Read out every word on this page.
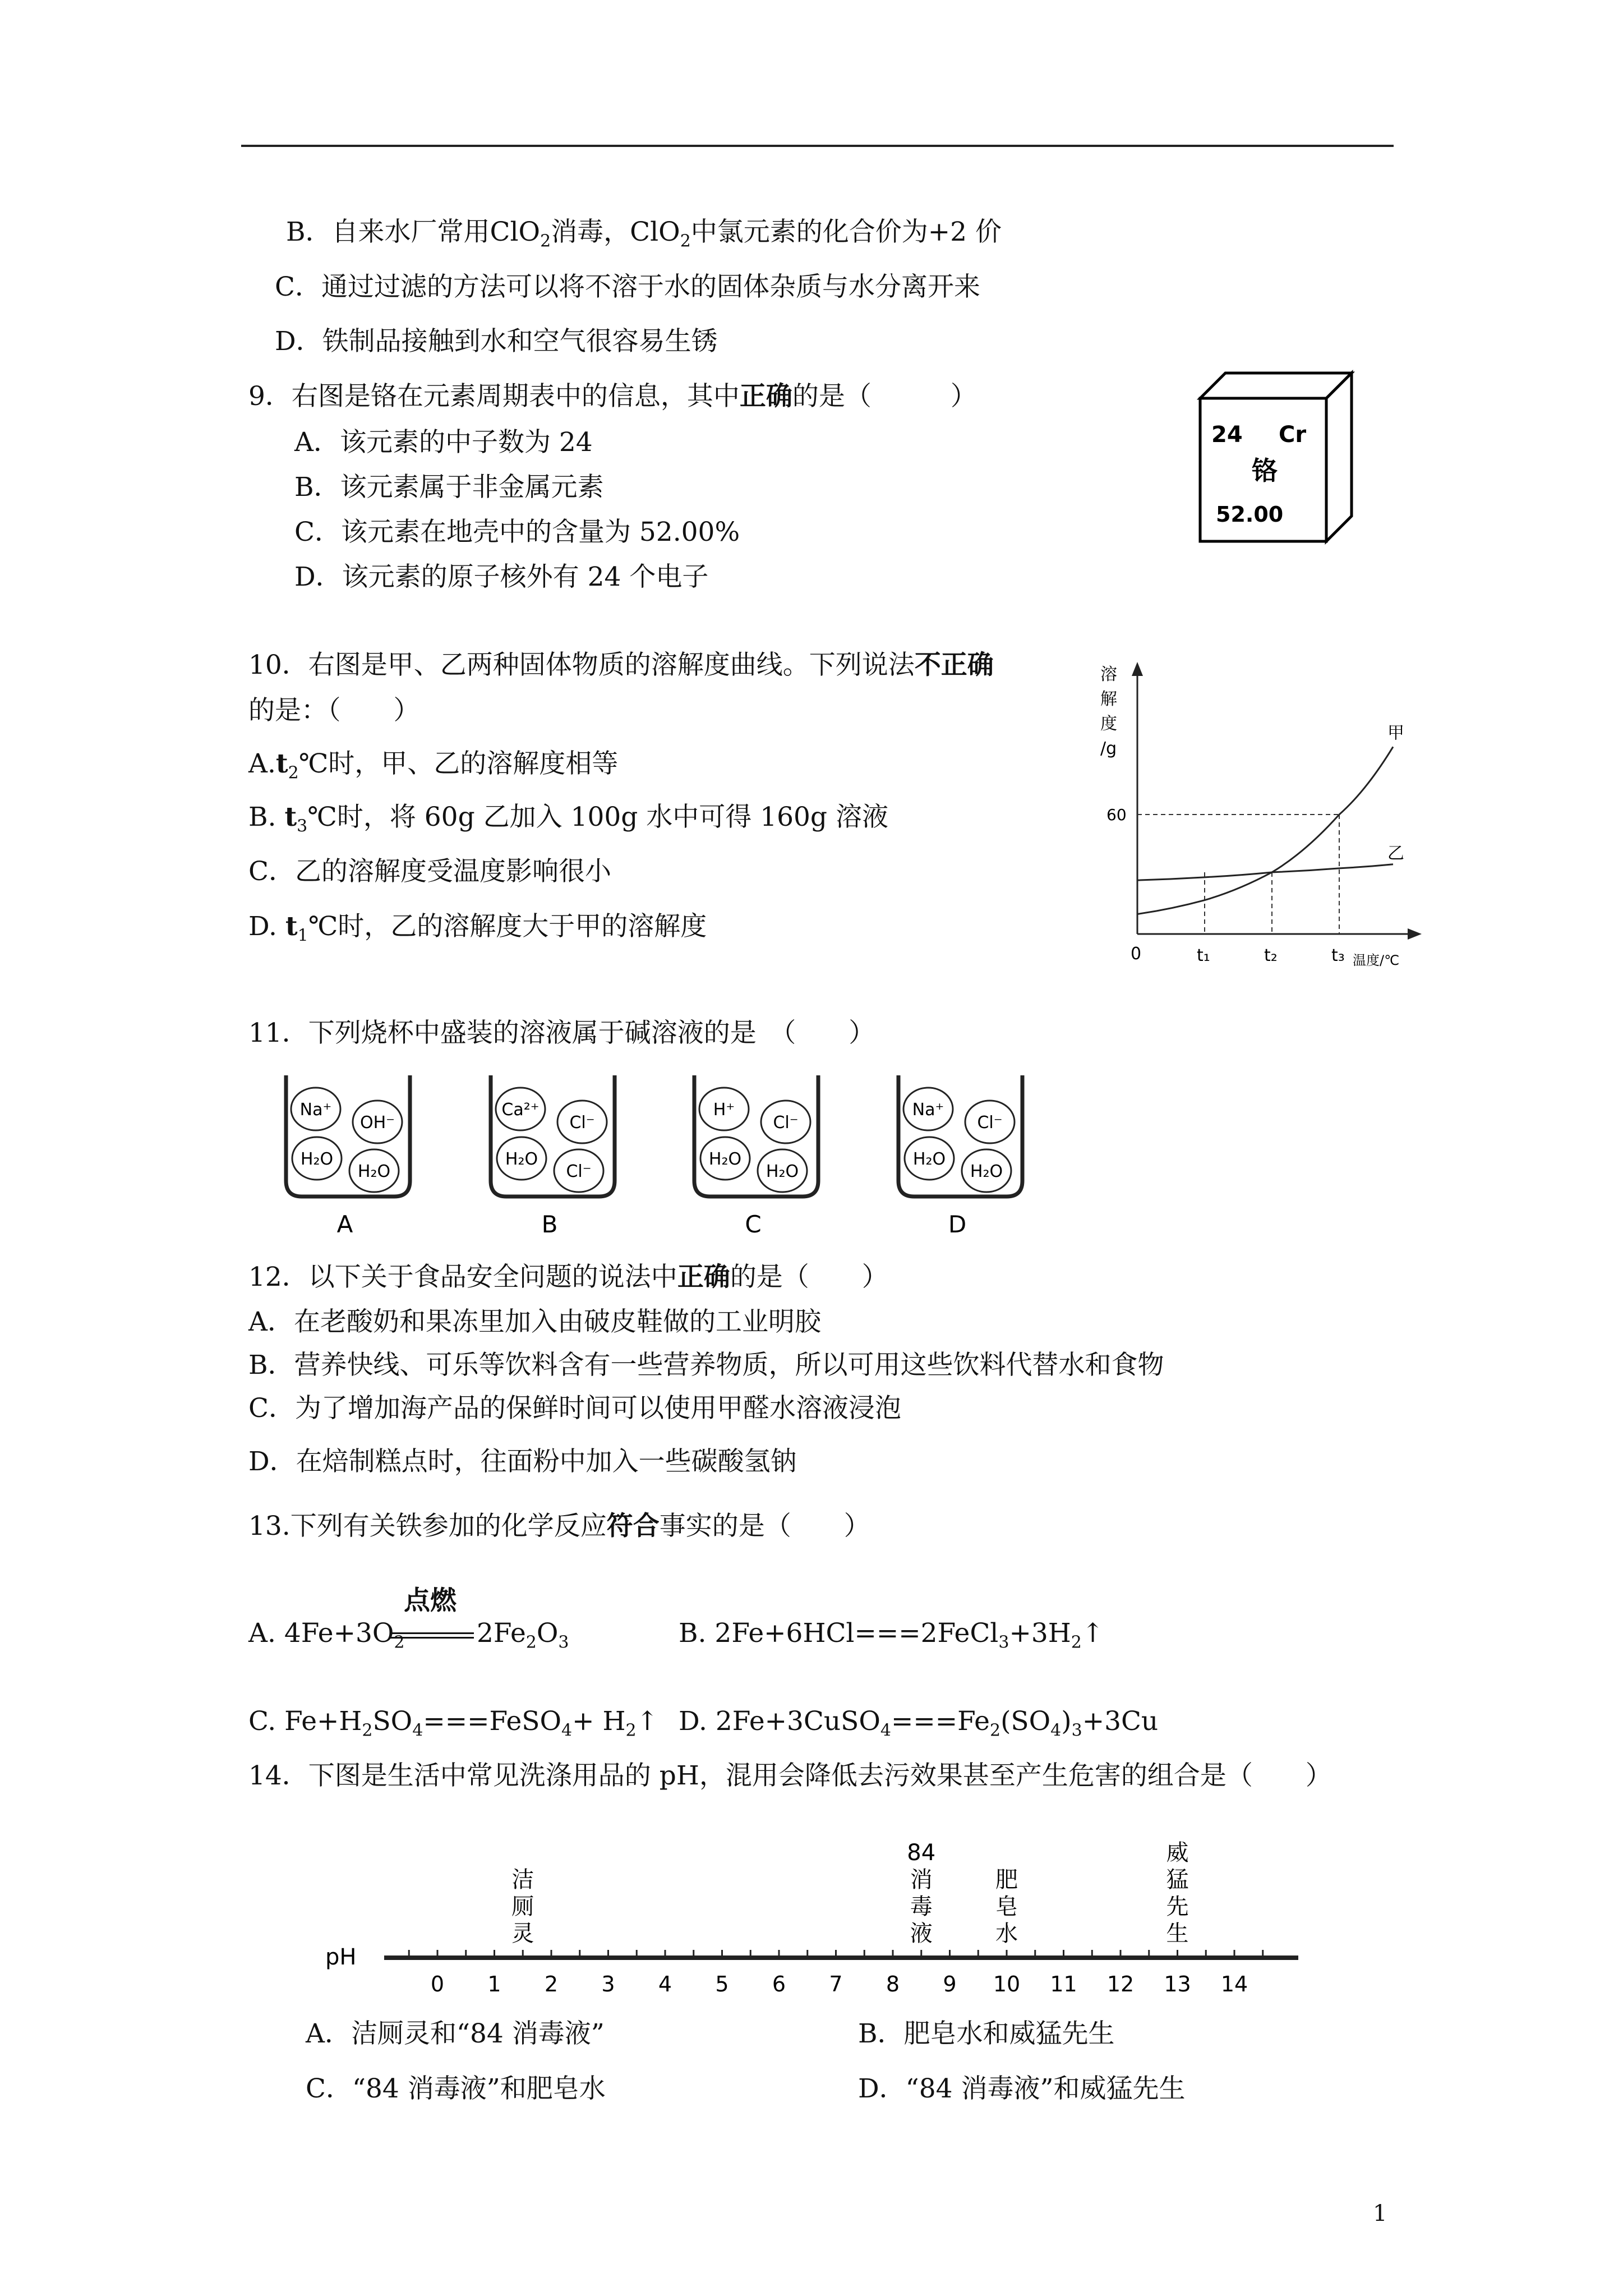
B．自来水厂常用ClO$_2$消毒，ClO$_2$中氯元素的化合价为+2 价
C．通过过滤的方法可以将不溶于水的固体杂质与水分离开来
D．铁制品接触到水和空气很容易生锈
9．右图是铬在元素周期表中的信息，其中正确的是（　　　）
A．该元素的中子数为 24
B．该元素属于非金属元素
C．该元素在地壳中的含量为 52.00%
D．该元素的原子核外有 24 个电子
24 Cr
铬
52.00
10．右图是甲、乙两种固体物质的溶解度曲线。下列说法不正确
的是：（　　）
$A.t_2℃$时，甲、乙的溶解度相等
B. $t_3℃$时，将 60g 乙加入 100g 水中可得 160g 溶液
C．乙的溶解度受温度影响很小
D. $t_1℃$时，乙的溶解度大于甲的溶解度
溶
解
度
/g
0	温度/℃
t₁	t₂	t₃
60
甲
乙
11．下列烧杯中盛装的溶液属于碱溶液的是　（　　）
Na⁺
OH⁻
H₂O
H₂O
A
Ca²⁺
Cl⁻
H₂O
Cl⁻
B
H⁺
Cl⁻
H₂O
H₂O
C
Na⁺
Cl⁻
H₂O
H₂O
D
12．以下关于食品安全问题的说法中正确的是（　　）
A．在老酸奶和果冻里加入由破皮鞋做的工业明胶
B．营养快线、可乐等饮料含有一些营养物质，所以可用这些饮料代替水和食物
C．为了增加海产品的保鲜时间可以使用甲醛水溶液浸泡
D．在焙制糕点时，往面粉中加入一些碳酸氢钠
13.下列有关铁参加的化学反应符合事实的是（　　）
点燃
A. $4Fe+3O_2$	$2Fe_2O_3$	B. $2Fe+6HCl===2FeCl_3+3H_2↑$
C. $Fe+H_2SO_4===FeSO_4+$ $H_2↑$ D. $2Fe+3CuSO_4===Fe_2(SO_4)_3+3Cu$
14．下图是生活中常见洗涤用品的 pH，混用会降低去污效果甚至产生危害的组合是（　　）
pH
0 1 2 3 4 5 6 7 8 9 10 11 12 13 14
洁
厕
灵
84
消
毒
液
肥
皂
水
威
猛
先
生
A．洁厕灵和“84 消毒液”	B．肥皂水和威猛先生
C．“84 消毒液”和肥皂水	D．“84 消毒液”和威猛先生
1
